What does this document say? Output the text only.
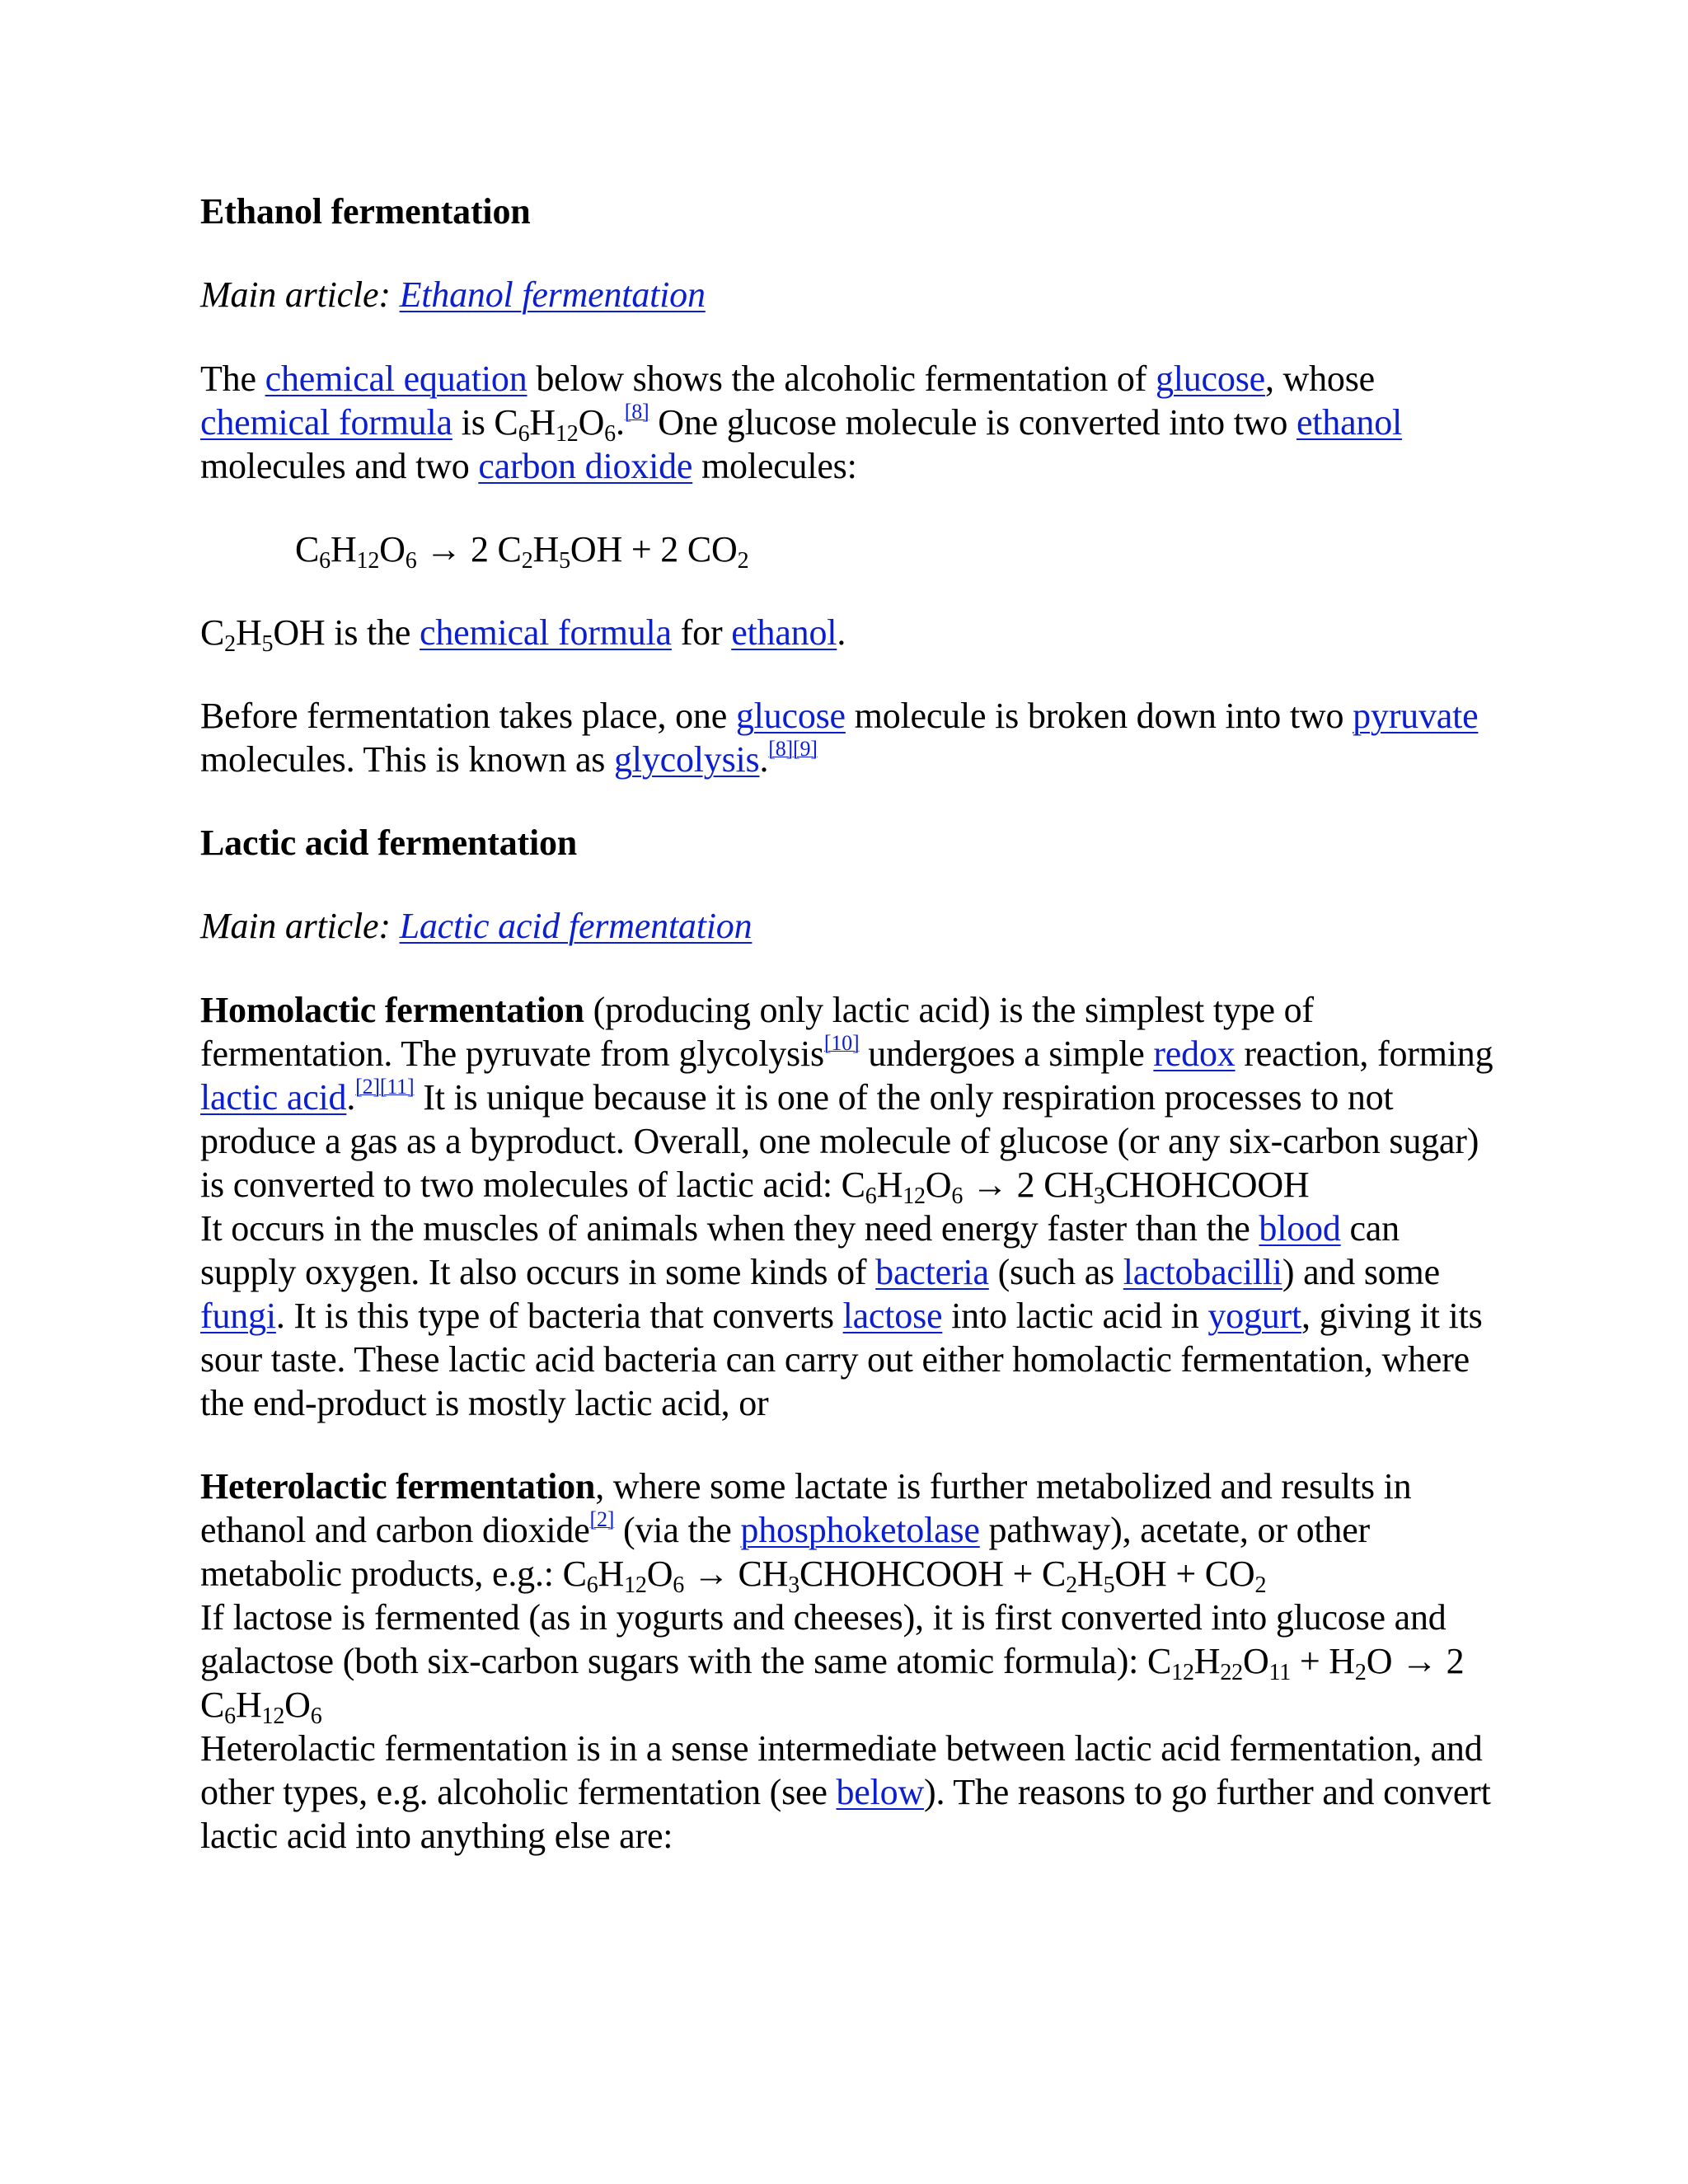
Ethanol fermentation
Main article: Ethanol fermentation
The chemical equation below shows the alcoholic fermentation of glucose, whose chemical formula is $C_6H_{12}O_6.[8]$ One glucose molecule is converted into two ethanol molecules and two carbon dioxide molecules:
$C_6H_{12}O_6 \to 2$ $C_2H_5OH + 2$ $CO_2$
$C_2H_5OH$ is the chemical formula for ethanol.
Before fermentation takes place, one glucose molecule is broken down into two pyruvate molecules. This is known as glycolysis.[8][9]
Lactic acid fermentation
Main article: Lactic acid fermentation
Homolactic fermentation (producing only lactic acid) is the simplest type of fermentation. The pyruvate from glycolysis[10] undergoes a simple redox reaction, forming lactic acid.[2][11] It is unique because it is one of the only respiration processes to not produce a gas as a byproduct. Overall, one molecule of glucose (or any six-carbon sugar) is converted to two molecules of lactic acid: $C_6H_{12}O_6 \to 2$ $CH_3CHOHCOOH$
It occurs in the muscles of animals when they need energy faster than the blood can supply oxygen. It also occurs in some kinds of bacteria (such as lactobacilli) and some fungi. It is this type of bacteria that converts lactose into lactic acid in yogurt, giving it its sour taste. These lactic acid bacteria can carry out either homolactic fermentation, where the end-product is mostly lactic acid, or
Heterolactic fermentation, where some lactate is further metabolized and results in ethanol and carbon dioxide[2] (via the phosphoketolase pathway), acetate, or other metabolic products, e.g.: $C_6H_{12}O_6$ → $CH_3CHOHCOOH + C_2H_5OH + CO_2$
If lactose is fermented (as in yogurts and cheeses), it is first converted into glucose and galactose (both six-carbon sugars with the same atomic formula): $C_{12}H_{22}O_{11} + H_2O \to 2$ $C_6H_{12}O_6$
Heterolactic fermentation is in a sense intermediate between lactic acid fermentation, and other types, e.g. alcoholic fermentation (see below). The reasons to go further and convert lactic acid into anything else are:
